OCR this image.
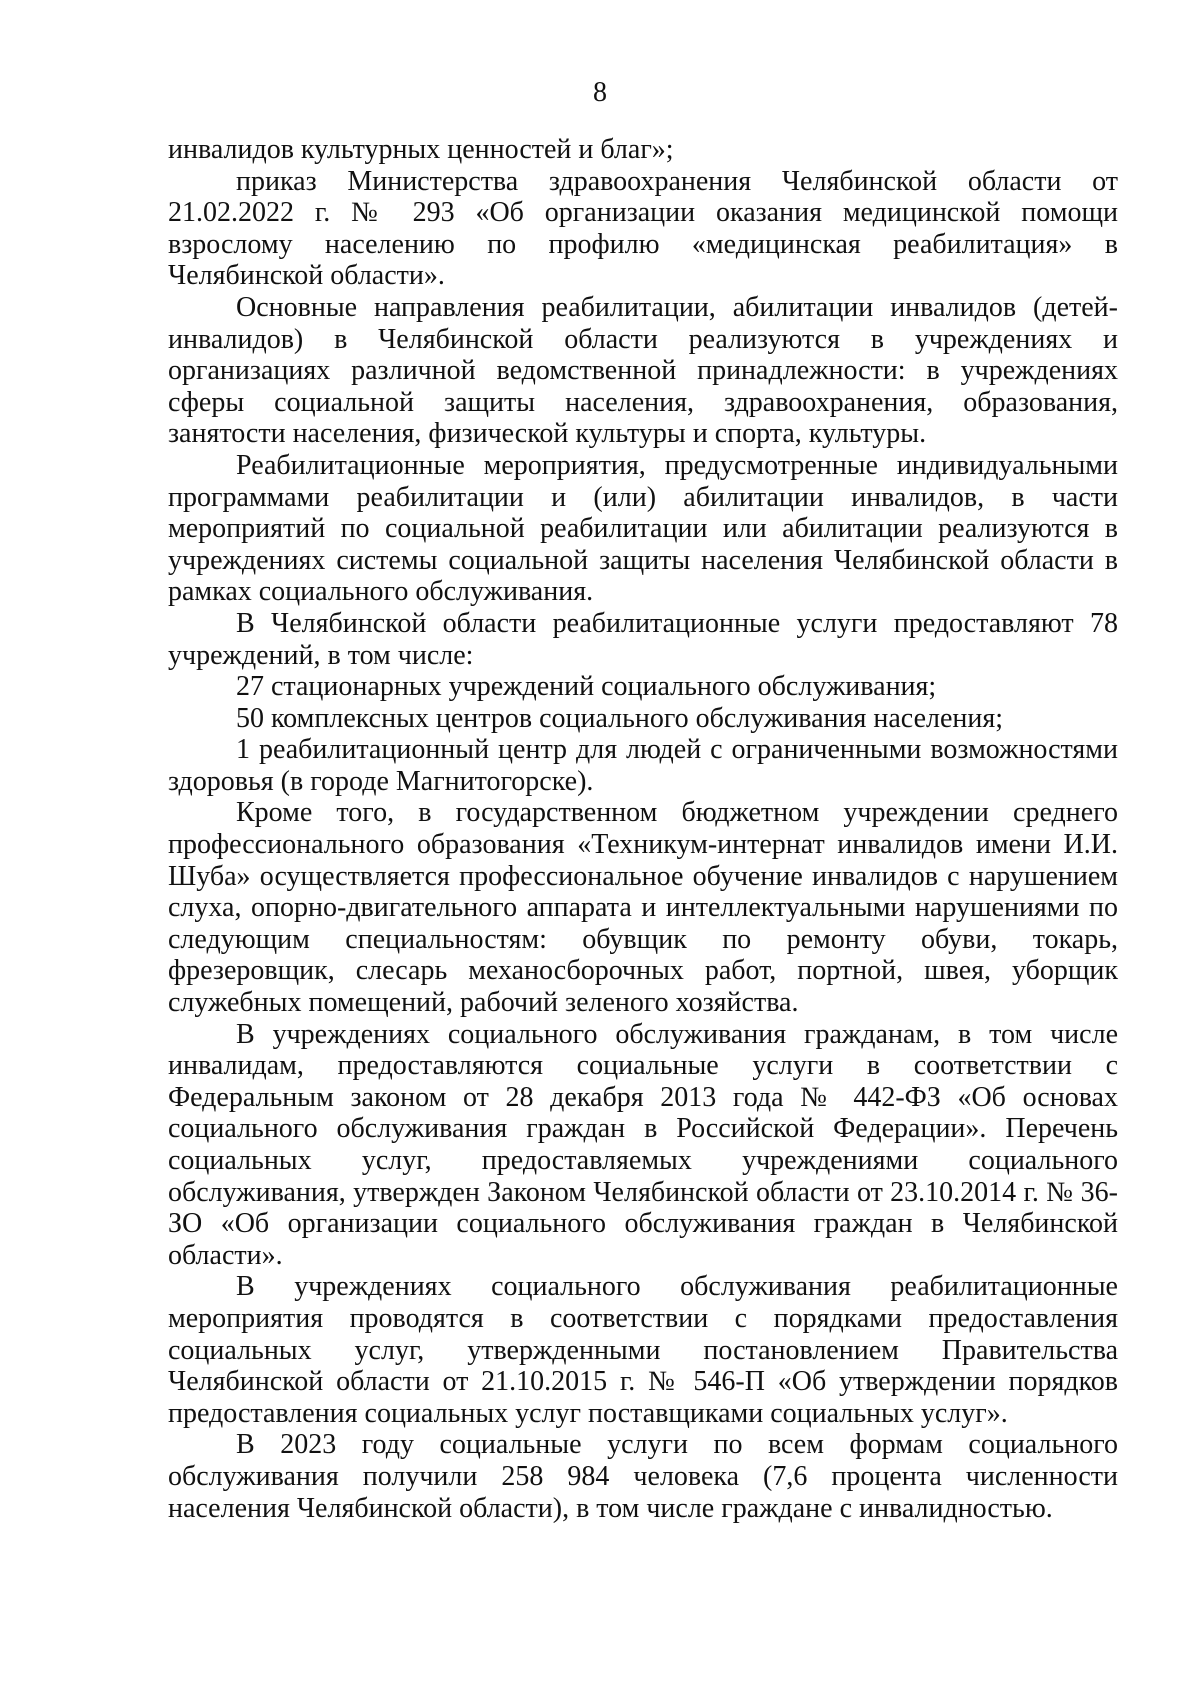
8

инвалидов культурных ценностей и благ»;

приказ Министерства здравоохранения Челябинской области от 21.02.2022 г. № 293 «Об организации оказания медицинской помощи взрослому населению по профилю «медицинская реабилитация» в Челябинской области».

Основные направления реабилитации, абилитации инвалидов (детей-инвалидов) в Челябинской области реализуются в учреждениях и организациях различной ведомственной принадлежности: в учреждениях сферы социальной защиты населения, здравоохранения, образования, занятости населения, физической культуры и спорта, культуры.

Реабилитационные мероприятия, предусмотренные индивидуальными программами реабилитации и (или) абилитации инвалидов, в части мероприятий по социальной реабилитации или абилитации реализуются в учреждениях системы социальной защиты населения Челябинской области в рамках социального обслуживания.

В Челябинской области реабилитационные услуги предоставляют 78 учреждений, в том числе:

27 стационарных учреждений социального обслуживания;

50 комплексных центров социального обслуживания населения;

1 реабилитационный центр для людей с ограниченными возможностями здоровья (в городе Магнитогорске).

Кроме того, в государственном бюджетном учреждении среднего профессионального образования «Техникум-интернат инвалидов имени И.И. Шуба» осуществляется профессиональное обучение инвалидов с нарушением слуха, опорно-двигательного аппарата и интеллектуальными нарушениями по следующим специальностям: обувщик по ремонту обуви, токарь, фрезеровщик, слесарь механосборочных работ, портной, швея, уборщик служебных помещений, рабочий зеленого хозяйства.

В учреждениях социального обслуживания гражданам, в том числе инвалидам, предоставляются социальные услуги в соответствии с Федеральным законом от 28 декабря 2013 года № 442-ФЗ «Об основах социального обслуживания граждан в Российской Федерации». Перечень социальных услуг, предоставляемых учреждениями социального обслуживания, утвержден Законом Челябинской области от 23.10.2014 г. № 36-ЗО «Об организации социального обслуживания граждан в Челябинской области».

В учреждениях социального обслуживания реабилитационные мероприятия проводятся в соответствии с порядками предоставления социальных услуг, утвержденными постановлением Правительства Челябинской области от 21.10.2015 г. № 546-П «Об утверждении порядков предоставления социальных услуг поставщиками социальных услуг».

В 2023 году социальные услуги по всем формам социального обслуживания получили 258 984 человека (7,6 процента численности населения Челябинской области), в том числе граждане с инвалидностью.
